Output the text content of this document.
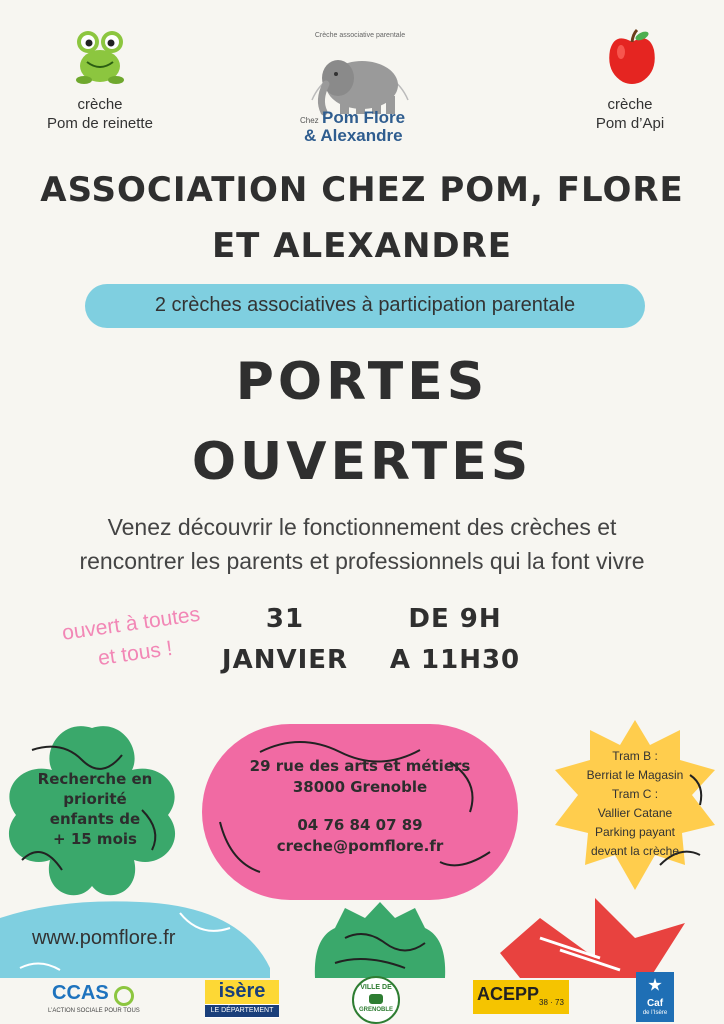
crèche
Pom de reinette
Crèche associative parentale
Chez Pom Flore
& Alexandre
crèche
Pom d’Api
ASSOCIATION CHEZ POM, FLORE
ET ALEXANDRE
2 crèches associatives à participation parentale
PORTES
OUVERTES
Venez découvrir le fonctionnement des crèches et
rencontrer les parents et professionnels qui la font vivre
ouvert à toutes
et tous !
31
JANVIER
DE 9H
A 11H30
Recherche en
priorité
enfants de
+ 15 mois
29 rue des arts et métiers
38000 Grenoble
04 76 84 07 89
creche@pomflore.fr
Tram B :
Berriat le Magasin
Tram C :
Vallier Catane
Parking payant
devant la crèche
www.pomflore.fr
CCAS
L’ACTION SOCIALE POUR TOUS
isère
LE DÉPARTEMENT
VILLE DE
GRENOBLE
ACEPP 38 · 73	Caf
de l’Isère
